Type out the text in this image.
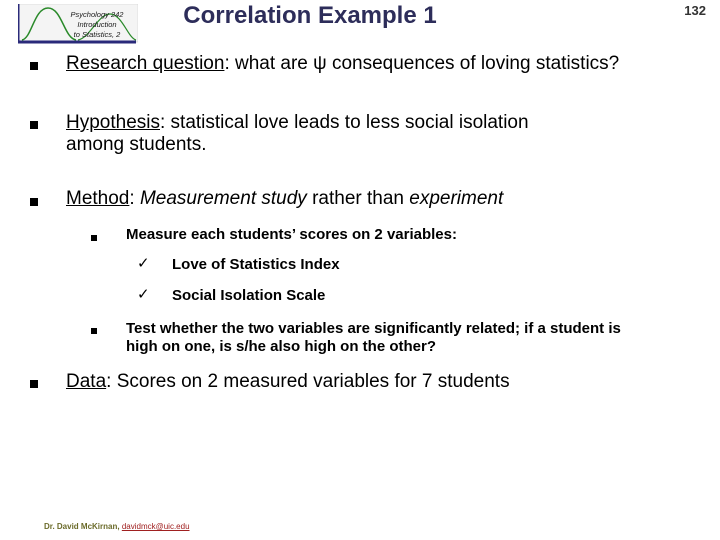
Psychology 242
Introduction
to Statistics, 2
Correlation Example 1	132
Research question: what are ψ consequences of loving statistics?
Hypothesis: statistical love leads to less social isolation among students.
Method: Measurement study rather than experiment
Measure each students’ scores on 2 variables:
✓ Love of Statistics Index
✓ Social Isolation Scale
Test whether the two variables are significantly related; if a student is high on one, is s/he also high on the other?
Data: Scores on 2 measured variables for 7 students
Dr. David McKirnan, davidmck@uic.edu
